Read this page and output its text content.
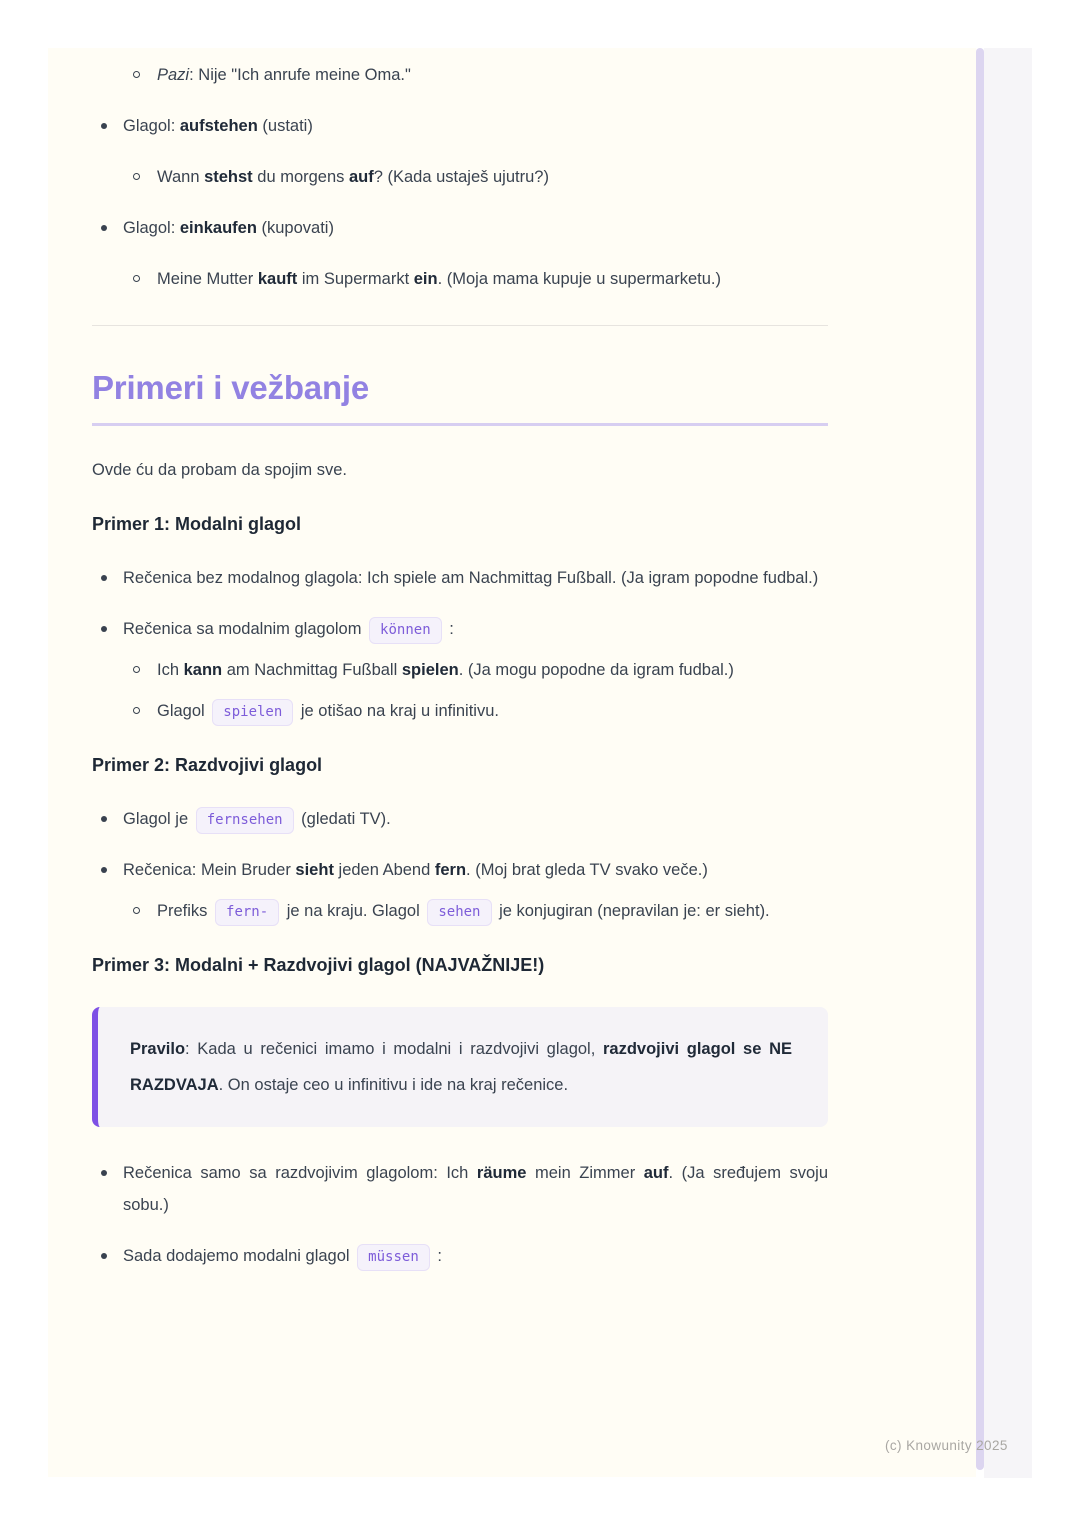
Pazi: Nije "Ich anrufe meine Oma."
Glagol: aufstehen (ustati)
Wann stehst du morgens auf? (Kada ustaješ ujutru?)
Glagol: einkaufen (kupovati)
Meine Mutter kauft im Supermarkt ein. (Moja mama kupuje u supermarketu.)
Primeri i vežbanje

Ovde ću da probam da spojim sve.

Primer 1: Modalni glagol
Rečenica bez modalnog glagola: Ich spiele am Nachmittag Fußball. (Ja igram popodne fudbal.)
Rečenica sa modalnim glagolom können :
Ich kann am Nachmittag Fußball spielen. (Ja mogu popodne da igram fudbal.)
Glagol spielen je otišao na kraj u infinitivu.
Primer 2: Razdvojivi glagol
Glagol je fernsehen (gledati TV).
Rečenica: Mein Bruder sieht jeden Abend fern. (Moj brat gleda TV svako veče.)
Prefiks fern- je na kraju. Glagol sehen je konjugiran (nepravilan je: er sieht).
Primer 3: Modalni + Razdvojivi glagol (NAJVAŽNIJE!)

Pravilo: Kada u rečenici imamo i modalni i razdvojivi glagol, razdvojivi glagol se NE RAZDVAJA. On ostaje ceo u infinitivu i ide na kraj rečenice.

Rečenica samo sa razdvojivim glagolom: Ich räume mein Zimmer auf. (Ja sređujem svoju sobu.)
Sada dodajemo modalni glagol müssen :
(c) Knowunity 2025
